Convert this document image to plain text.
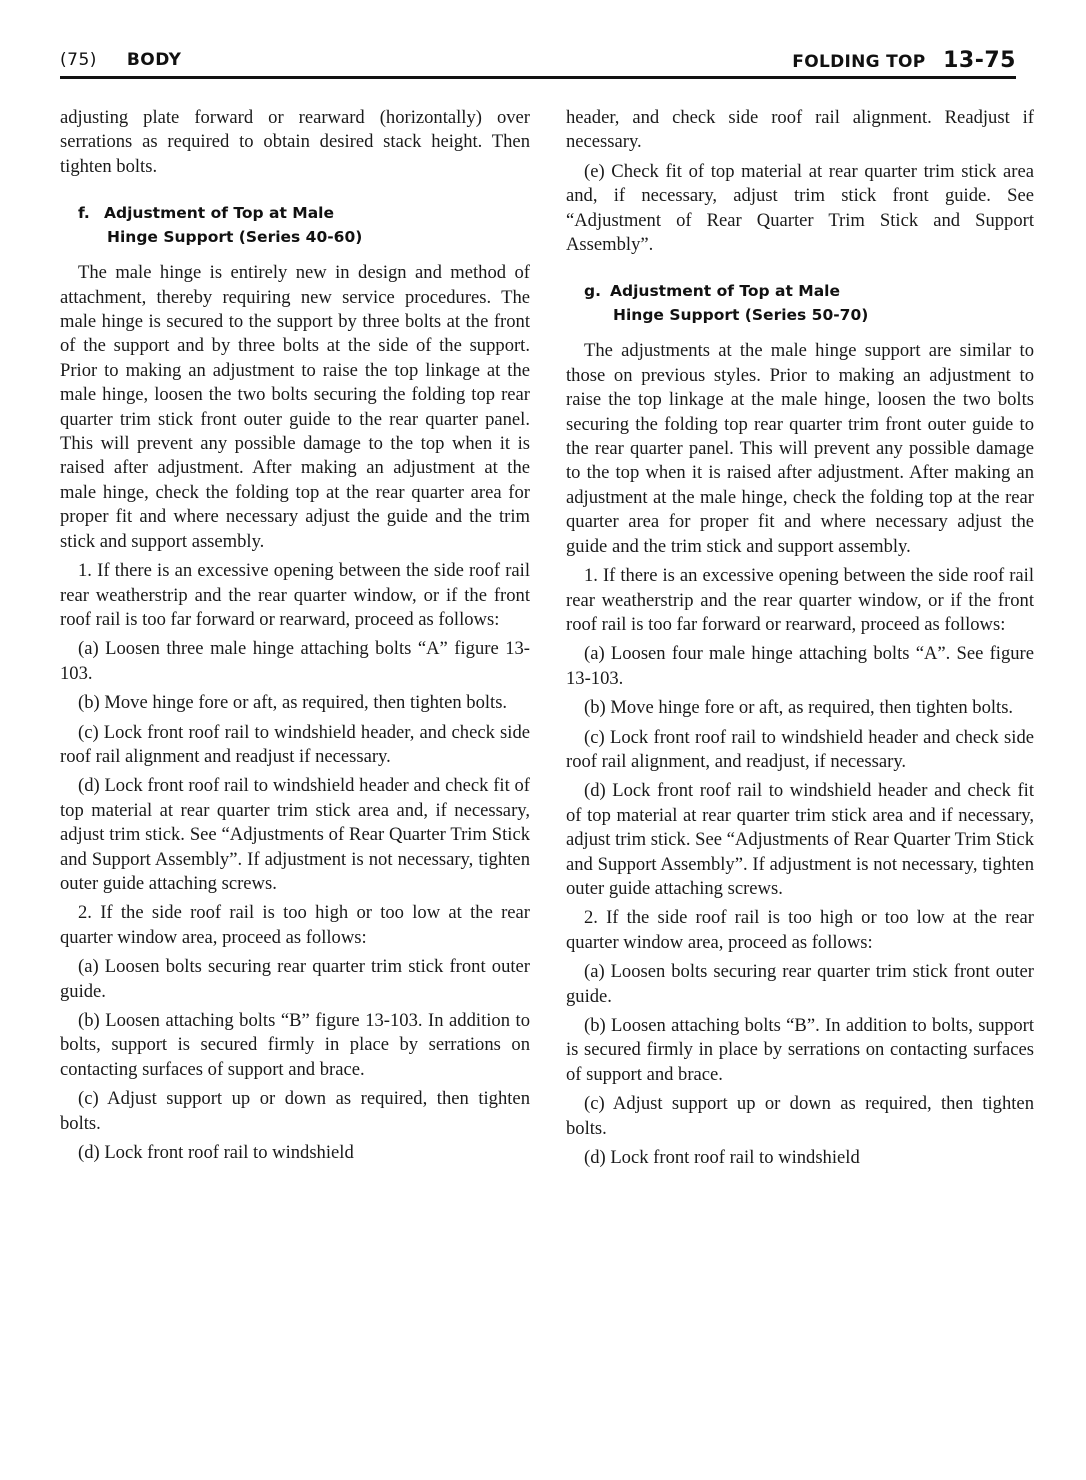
(75) BODY	FOLDING TOP 13-75

adjusting plate forward or rearward (horizontally) over serrations as required to obtain desired stack height. Then tighten bolts.

f. Adjustment of Top at Male
Hinge Support (Series 40-60)

The male hinge is entirely new in design and method of attachment, thereby requiring new service procedures. The male hinge is secured to the support by three bolts at the front of the support and by three bolts at the side of the support. Prior to making an adjustment to raise the top linkage at the male hinge, loosen the two bolts securing the folding top rear quarter trim stick front outer guide to the rear quarter panel. This will prevent any possible damage to the top when it is raised after adjustment. After making an adjustment at the male hinge, check the folding top at the rear quarter area for proper fit and where necessary adjust the guide and the trim stick and support assembly.

1. If there is an excessive opening between the side roof rail rear weatherstrip and the rear quarter window, or if the front roof rail is too far forward or rearward, proceed as follows:

(a) Loosen three male hinge attaching bolts “A” figure 13-103.

(b) Move hinge fore or aft, as required, then tighten bolts.

(c) Lock front roof rail to windshield header, and check side roof rail alignment and readjust if necessary.

(d) Lock front roof rail to windshield header and check fit of top material at rear quarter trim stick area and, if necessary, adjust trim stick. See “Adjustments of Rear Quarter Trim Stick and Support Assembly”. If adjustment is not necessary, tighten outer guide attaching screws.

2. If the side roof rail is too high or too low at the rear quarter window area, proceed as follows:

(a) Loosen bolts securing rear quarter trim stick front outer guide.

(b) Loosen attaching bolts “B” figure 13-103. In addition to bolts, support is secured firmly in place by serrations on contacting surfaces of support and brace.

(c) Adjust support up or down as required, then tighten bolts.

(d) Lock front roof rail to windshield

header, and check side roof rail alignment. Readjust if necessary.

(e) Check fit of top material at rear quarter trim stick area and, if necessary, adjust trim stick front guide. See “Adjustment of Rear Quarter Trim Stick and Support Assembly”.

g. Adjustment of Top at Male
Hinge Support (Series 50-70)

The adjustments at the male hinge support are similar to those on previous styles. Prior to making an adjustment to raise the top linkage at the male hinge, loosen the two bolts securing the folding top rear quarter trim front outer guide to the rear quarter panel. This will prevent any possible damage to the top when it is raised after adjustment. After making an adjustment at the male hinge, check the folding top at the rear quarter area for proper fit and where necessary adjust the guide and the trim stick and support assembly.

1. If there is an excessive opening between the side roof rail rear weatherstrip and the rear quarter window, or if the front roof rail is too far forward or rearward, proceed as follows:

(a) Loosen four male hinge attaching bolts “A”. See figure 13-103.

(b) Move hinge fore or aft, as required, then tighten bolts.

(c) Lock front roof rail to windshield header and check side roof rail alignment, and readjust, if necessary.

(d) Lock front roof rail to windshield header and check fit of top material at rear quarter trim stick area and if necessary, adjust trim stick. See “Adjustments of Rear Quarter Trim Stick and Support Assembly”. If adjustment is not necessary, tighten outer guide attaching screws.

2. If the side roof rail is too high or too low at the rear quarter window area, proceed as follows:

(a) Loosen bolts securing rear quarter trim stick front outer guide.

(b) Loosen attaching bolts “B”. In addition to bolts, support is secured firmly in place by serrations on contacting surfaces of support and brace.

(c) Adjust support up or down as required, then tighten bolts.

(d) Lock front roof rail to windshield
